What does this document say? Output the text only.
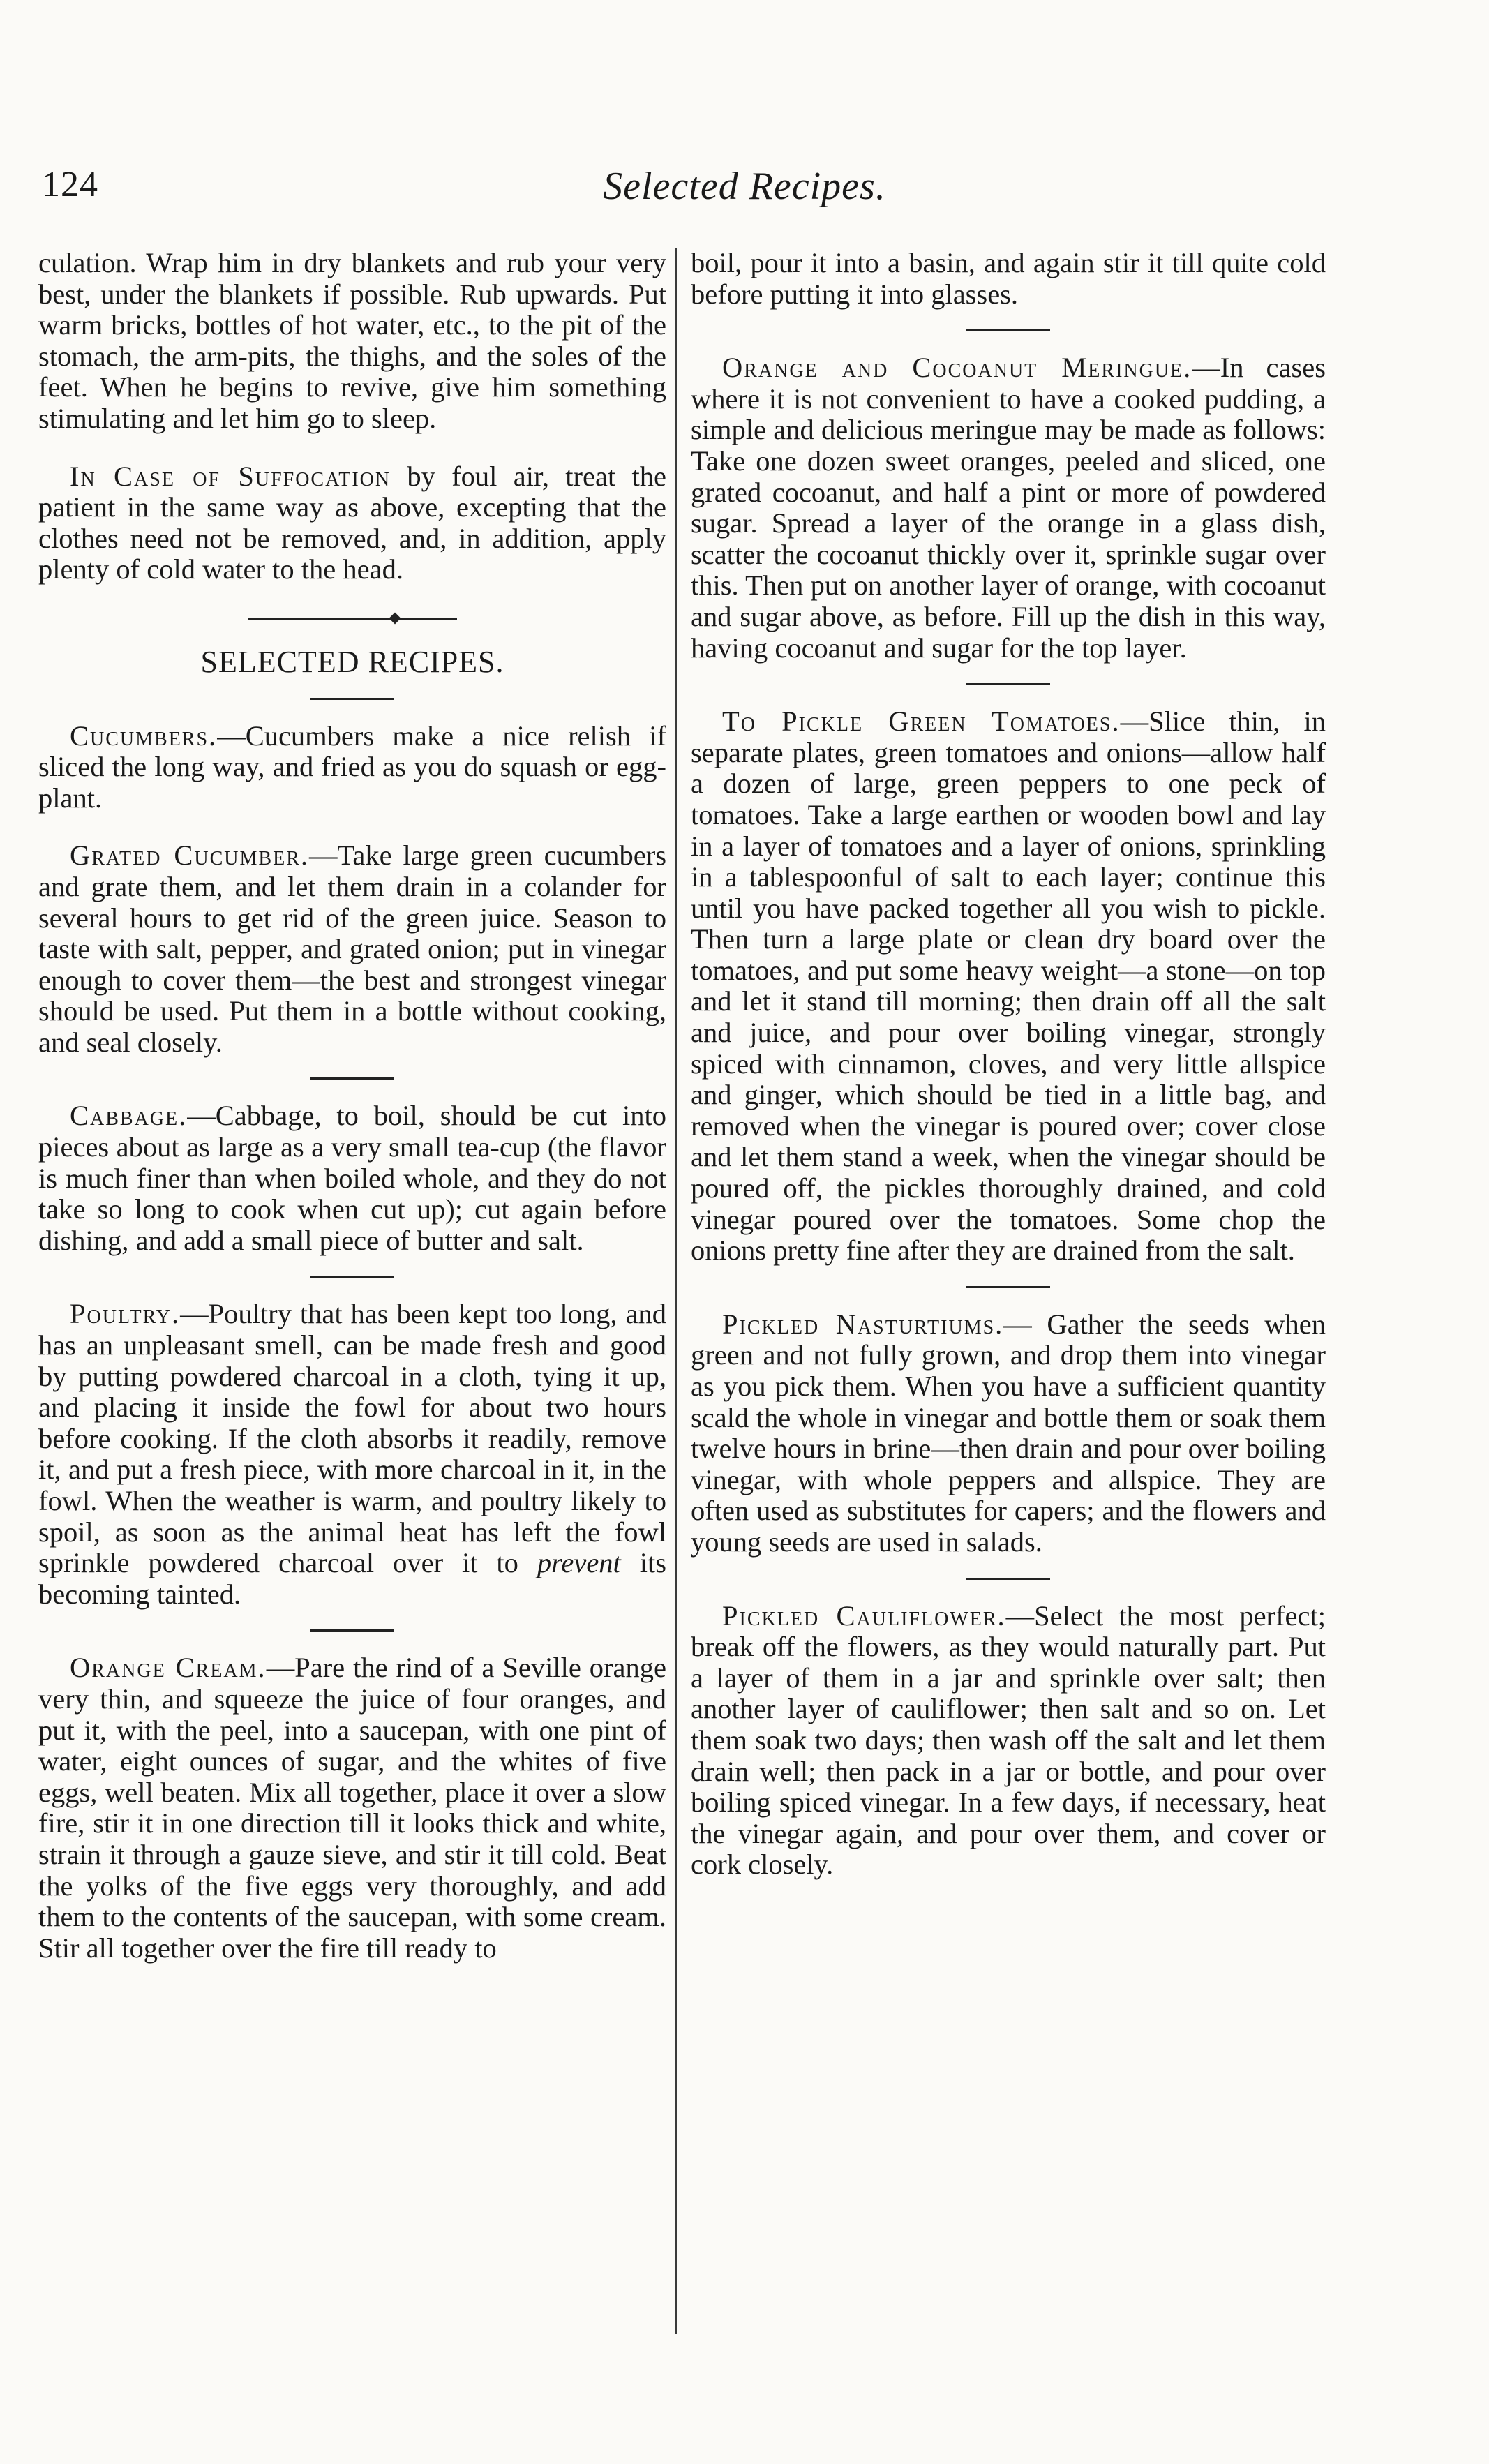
124	Selected Recipes.

culation. Wrap him in dry blankets and rub your very best, under the blankets if possible. Rub upwards. Put warm bricks, bottles of hot water, etc., to the pit of the stomach, the arm-pits, the thighs, and the soles of the feet. When he begins to revive, give him something stimulating and let him go to sleep.

In Case of Suffocation by foul air, treat the patient in the same way as above, excepting that the clothes need not be removed, and, in addition, apply plenty of cold water to the head.

SELECTED RECIPES.

Cucumbers.—Cucumbers make a nice relish if sliced the long way, and fried as you do squash or egg-plant.

Grated Cucumber.—Take large green cucumbers and grate them, and let them drain in a colander for several hours to get rid of the green juice. Season to taste with salt, pepper, and grated onion; put in vinegar enough to cover them—the best and strongest vinegar should be used. Put them in a bottle without cooking, and seal closely.

Cabbage.—Cabbage, to boil, should be cut into pieces about as large as a very small tea-cup (the flavor is much finer than when boiled whole, and they do not take so long to cook when cut up); cut again before dishing, and add a small piece of butter and salt.

Poultry.—Poultry that has been kept too long, and has an unpleasant smell, can be made fresh and good by putting powdered charcoal in a cloth, tying it up, and placing it inside the fowl for about two hours before cooking. If the cloth absorbs it readily, remove it, and put a fresh piece, with more charcoal in it, in the fowl. When the weather is warm, and poultry likely to spoil, as soon as the animal heat has left the fowl sprinkle powdered charcoal over it to prevent its becoming tainted.

Orange Cream.—Pare the rind of a Seville orange very thin, and squeeze the juice of four oranges, and put it, with the peel, into a saucepan, with one pint of water, eight ounces of sugar, and the whites of five eggs, well beaten. Mix all together, place it over a slow fire, stir it in one direction till it looks thick and white, strain it through a gauze sieve, and stir it till cold. Beat the yolks of the five eggs very thoroughly, and add them to the contents of the saucepan, with some cream. Stir all together over the fire till ready to

boil, pour it into a basin, and again stir it till quite cold before putting it into glasses.

Orange and Cocoanut Meringue.—In cases where it is not convenient to have a cooked pudding, a simple and delicious meringue may be made as follows: Take one dozen sweet oranges, peeled and sliced, one grated cocoanut, and half a pint or more of powdered sugar. Spread a layer of the orange in a glass dish, scatter the cocoanut thickly over it, sprinkle sugar over this. Then put on another layer of orange, with cocoanut and sugar above, as before. Fill up the dish in this way, having cocoanut and sugar for the top layer.

To Pickle Green Tomatoes.—Slice thin, in separate plates, green tomatoes and onions—allow half a dozen of large, green peppers to one peck of tomatoes. Take a large earthen or wooden bowl and lay in a layer of tomatoes and a layer of onions, sprinkling in a tablespoonful of salt to each layer; continue this until you have packed together all you wish to pickle. Then turn a large plate or clean dry board over the tomatoes, and put some heavy weight—a stone—on top and let it stand till morning; then drain off all the salt and juice, and pour over boiling vinegar, strongly spiced with cinnamon, cloves, and very little allspice and ginger, which should be tied in a little bag, and removed when the vinegar is poured over; cover close and let them stand a week, when the vinegar should be poured off, the pickles thoroughly drained, and cold vinegar poured over the tomatoes. Some chop the onions pretty fine after they are drained from the salt.

Pickled Nasturtiums.— Gather the seeds when green and not fully grown, and drop them into vinegar as you pick them. When you have a sufficient quantity scald the whole in vinegar and bottle them or soak them twelve hours in brine—then drain and pour over boiling vinegar, with whole peppers and allspice. They are often used as substitutes for capers; and the flowers and young seeds are used in salads.

Pickled Cauliflower.—Select the most perfect; break off the flowers, as they would naturally part. Put a layer of them in a jar and sprinkle over salt; then another layer of cauliflower; then salt and so on. Let them soak two days; then wash off the salt and let them drain well; then pack in a jar or bottle, and pour over boiling spiced vinegar. In a few days, if necessary, heat the vinegar again, and pour over them, and cover or cork closely.
